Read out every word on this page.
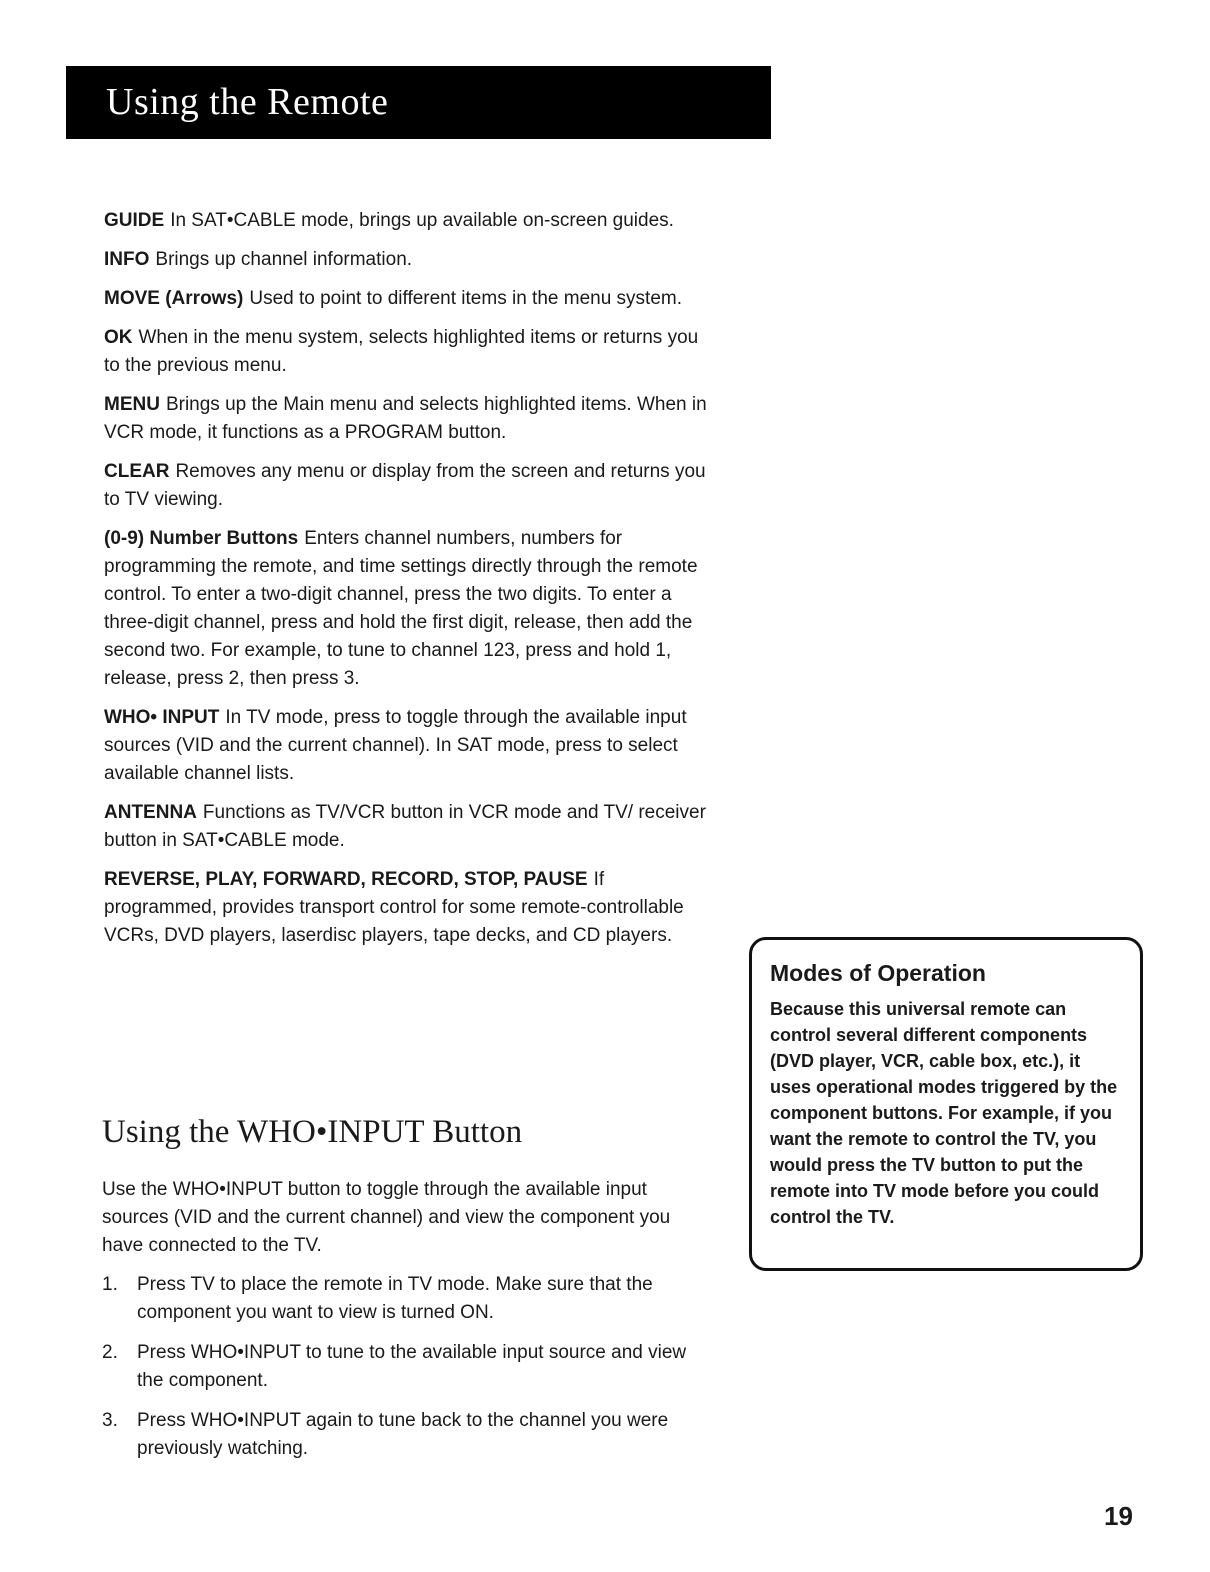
Using the Remote

GUIDE In SAT•CABLE mode, brings up available on-screen guides.

INFO Brings up channel information.

MOVE (Arrows) Used to point to different items in the menu system.

OK When in the menu system, selects highlighted items or returns you to the previous menu.

MENU Brings up the Main menu and selects highlighted items. When in VCR mode, it functions as a PROGRAM button.

CLEAR Removes any menu or display from the screen and returns you to TV viewing.

(0-9) Number Buttons Enters channel numbers, numbers for programming the remote, and time settings directly through the remote control. To enter a two-digit channel, press the two digits. To enter a three-digit channel, press and hold the first digit, release, then add the second two. For example, to tune to channel 123, press and hold 1, release, press 2, then press 3.

WHO• INPUT In TV mode, press to toggle through the available input sources (VID and the current channel). In SAT mode, press to select available channel lists.

ANTENNA Functions as TV/VCR button in VCR mode and TV/ receiver button in SAT•CABLE mode.

REVERSE, PLAY, FORWARD, RECORD, STOP, PAUSE If programmed, provides transport control for some remote-controllable VCRs, DVD players, laserdisc players, tape decks, and CD players.

Using the WHO•INPUT Button

Use the WHO•INPUT button to toggle through the available input sources (VID and the current channel) and view the component you have connected to the TV.

1. Press TV to place the remote in TV mode. Make sure that the component you want to view is turned ON.
2. Press WHO•INPUT to tune to the available input source and view the component.
3. Press WHO•INPUT again to tune back to the channel you were previously watching.
Modes of Operation

Because this universal remote can control several different components (DVD player, VCR, cable box, etc.), it uses operational modes triggered by the component buttons. For example, if you want the remote to control the TV, you would press the TV button to put the remote into TV mode before you could control the TV.

19
